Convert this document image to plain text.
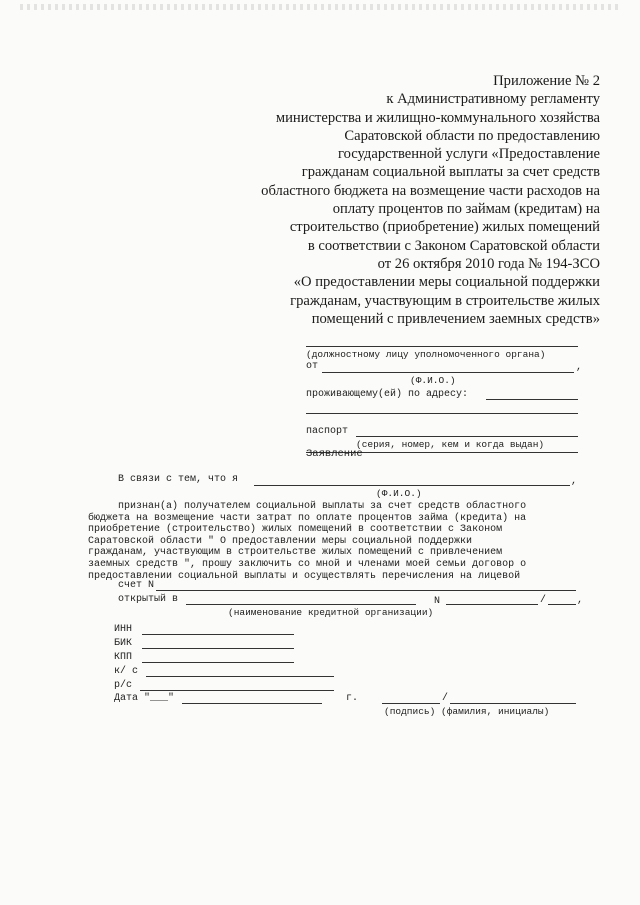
Приложение № 2
к Административному регламенту
министерства и жилищно-коммунального хозяйства
Саратовской области по предоставлению
государственной услуги «Предоставление
гражданам социальной выплаты за счет средств
областного бюджета на возмещение части расходов на
оплату процентов по займам (кредитам) на
строительство (приобретение) жилых помещений
в соответствии с Законом Саратовской области
от 26 октября 2010 года № 194-ЗСО
«О предоставлении меры социальной поддержки
гражданам, участвующим в строительстве жилых
помещений с привлечением заемных средств»
(должностному лицу уполномоченного органа)
от	,
(Ф.И.О.)
проживающему(ей) по адресу:
паспорт
(серия, номер, кем и когда выдан)
Заявление
В связи с тем, что я	,
(Ф.И.О.)
признан(а) получателем социальной выплаты за счет средств областного
бюджета на возмещение части затрат по оплате процентов займа (кредита) на
приобретение (строительство) жилых помещений в соответствии с Законом
Саратовской области " О предоставлении меры социальной поддержки
гражданам, участвующим в строительстве жилых помещений с привлечением
заемных средств ", прошу заключить со мной и членами моей семьи договор о
предоставлении социальной выплаты и осуществлять перечисления на лицевой
счет N
открытый в	N	/	,
(наименование кредитной организации)
ИНН
БИК
КПП
к/ с
р/с
Дата "___"	г.	/
(подпись) (фамилия, инициалы)
